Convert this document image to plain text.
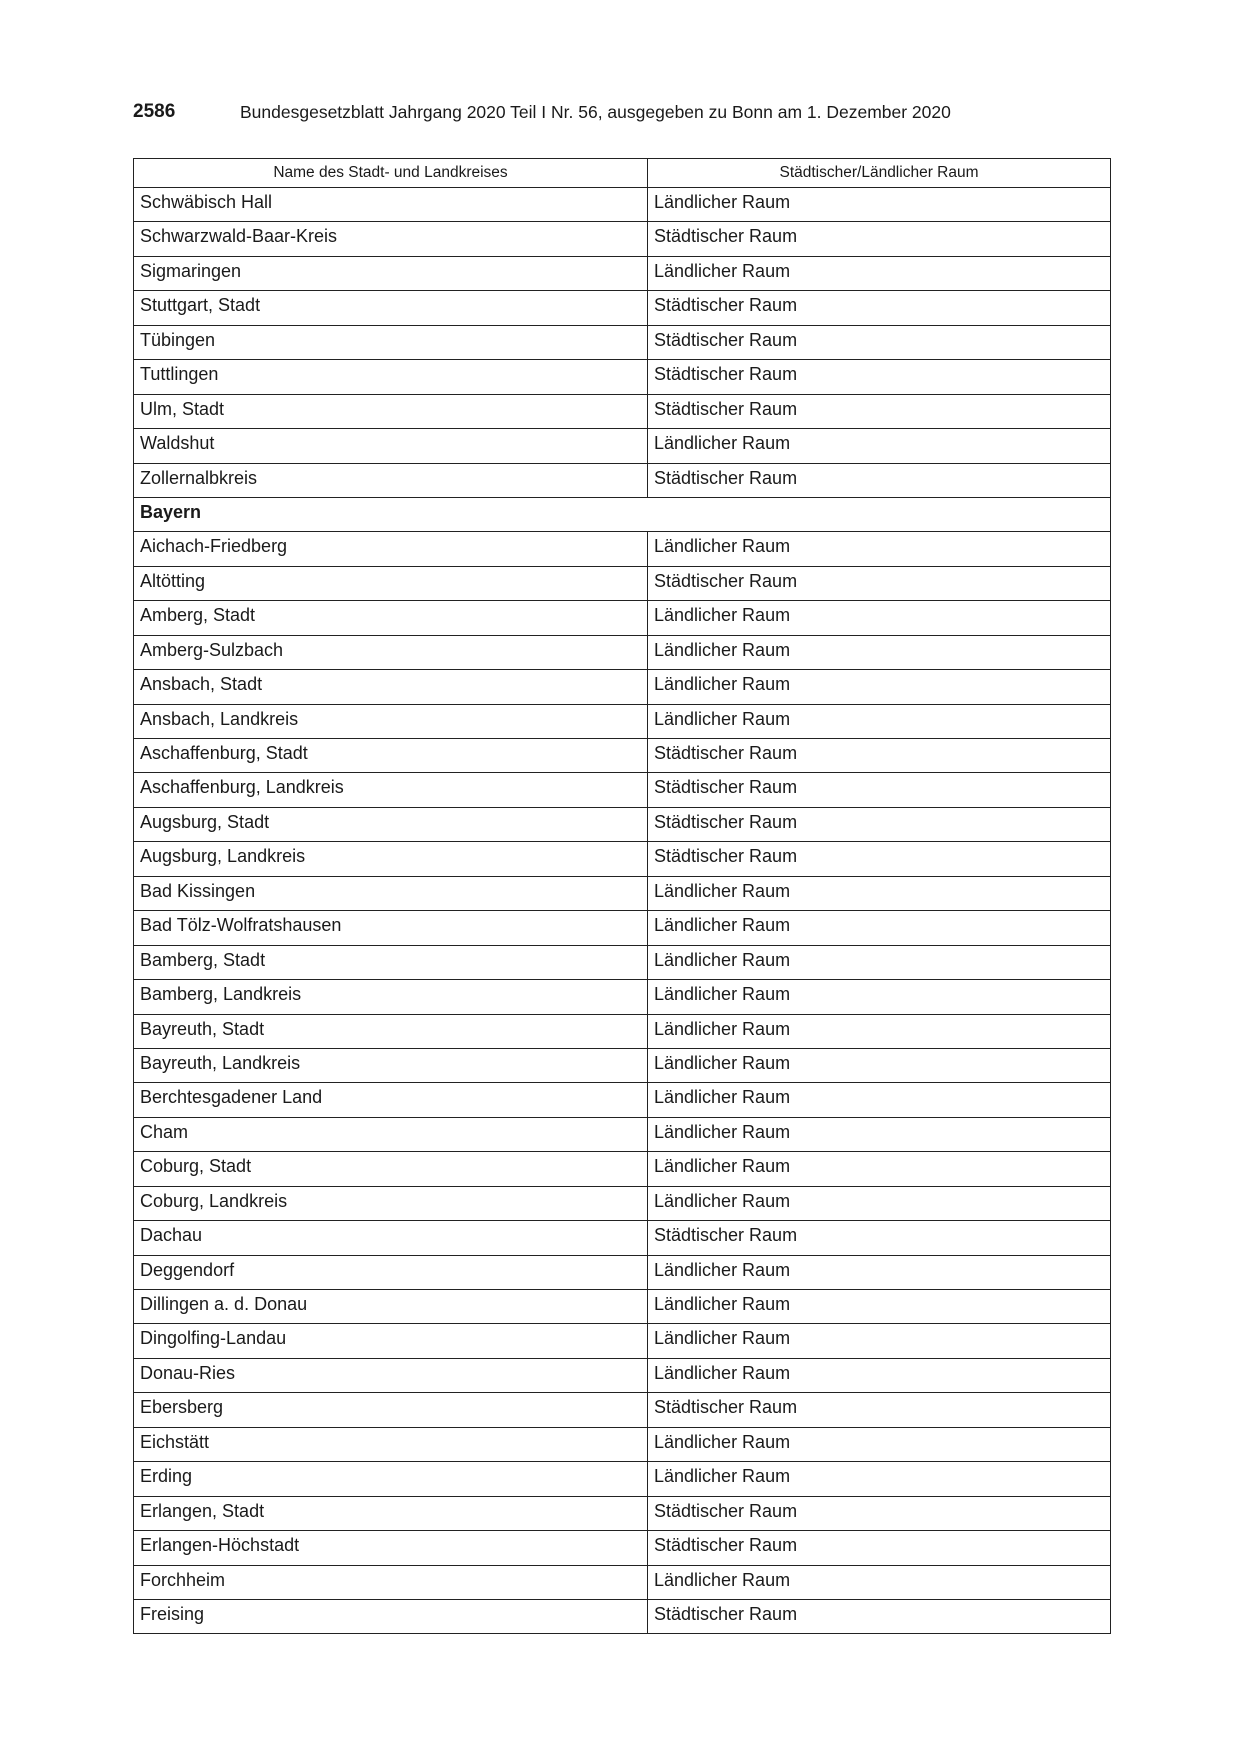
2586	Bundesgesetzblatt Jahrgang 2020 Teil I Nr. 56, ausgegeben zu Bonn am 1. Dezember 2020
Name des Stadt- und Landkreises	Städtischer/Ländlicher Raum
Schwäbisch Hall	Ländlicher Raum
Schwarzwald-Baar-Kreis	Städtischer Raum
Sigmaringen	Ländlicher Raum
Stuttgart, Stadt	Städtischer Raum
Tübingen	Städtischer Raum
Tuttlingen	Städtischer Raum
Ulm, Stadt	Städtischer Raum
Waldshut	Ländlicher Raum
Zollernalbkreis	Städtischer Raum
Bayern	
Aichach-Friedberg	Ländlicher Raum
Altötting	Städtischer Raum
Amberg, Stadt	Ländlicher Raum
Amberg-Sulzbach	Ländlicher Raum
Ansbach, Stadt	Ländlicher Raum
Ansbach, Landkreis	Ländlicher Raum
Aschaffenburg, Stadt	Städtischer Raum
Aschaffenburg, Landkreis	Städtischer Raum
Augsburg, Stadt	Städtischer Raum
Augsburg, Landkreis	Städtischer Raum
Bad Kissingen	Ländlicher Raum
Bad Tölz-Wolfratshausen	Ländlicher Raum
Bamberg, Stadt	Ländlicher Raum
Bamberg, Landkreis	Ländlicher Raum
Bayreuth, Stadt	Ländlicher Raum
Bayreuth, Landkreis	Ländlicher Raum
Berchtesgadener Land	Ländlicher Raum
Cham	Ländlicher Raum
Coburg, Stadt	Ländlicher Raum
Coburg, Landkreis	Ländlicher Raum
Dachau	Städtischer Raum
Deggendorf	Ländlicher Raum
Dillingen a. d. Donau	Ländlicher Raum
Dingolfing-Landau	Ländlicher Raum
Donau-Ries	Ländlicher Raum
Ebersberg	Städtischer Raum
Eichstätt	Ländlicher Raum
Erding	Ländlicher Raum
Erlangen, Stadt	Städtischer Raum
Erlangen-Höchstadt	Städtischer Raum
Forchheim	Ländlicher Raum
Freising	Städtischer Raum
